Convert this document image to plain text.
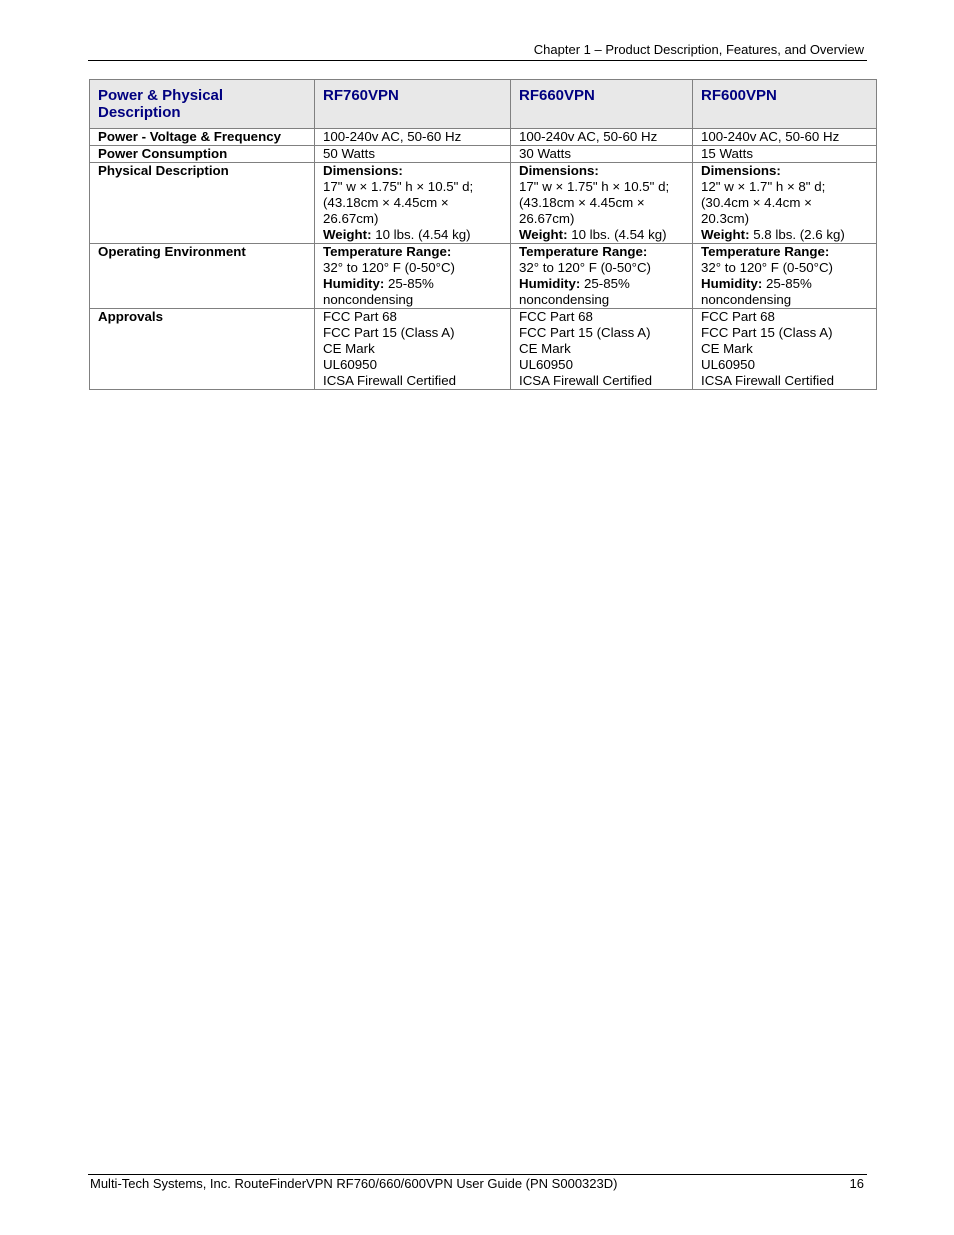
Chapter 1 – Product Description, Features, and Overview
Power & Physical Description	RF760VPN	RF660VPN	RF600VPN
Power - Voltage & Frequency	100-240v AC, 50-60 Hz	100-240v AC, 50-60 Hz	100-240v AC, 50-60 Hz
Power Consumption	50 Watts	30 Watts	15 Watts
Physical Description	Dimensions:
17" w × 1.75" h × 10.5" d;
(43.18cm × 4.45cm ×
26.67cm)
Weight: 10 lbs. (4.54 kg)	Dimensions:
17" w × 1.75" h × 10.5" d;
(43.18cm × 4.45cm ×
26.67cm)
Weight: 10 lbs. (4.54 kg)	Dimensions:
12" w × 1.7" h × 8" d;
(30.4cm × 4.4cm ×
20.3cm)
Weight: 5.8 lbs. (2.6 kg)

Operating Environment	Temperature Range:
32° to 120° F (0-50°C)
Humidity: 25-85%
noncondensing	Temperature Range:
32° to 120° F (0-50°C)
Humidity: 25-85%
noncondensing	Temperature Range:
32° to 120° F (0-50°C)
Humidity: 25-85%
noncondensing

Approvals	FCC Part 68
FCC Part 15 (Class A)
CE Mark
UL60950
ICSA Firewall Certified	FCC Part 68
FCC Part 15 (Class A)
CE Mark
UL60950
ICSA Firewall Certified	FCC Part 68
FCC Part 15 (Class A)
CE Mark
UL60950
ICSA Firewall Certified
Multi-Tech Systems, Inc. RouteFinderVPN RF760/660/600VPN User Guide (PN S000323D)	16
